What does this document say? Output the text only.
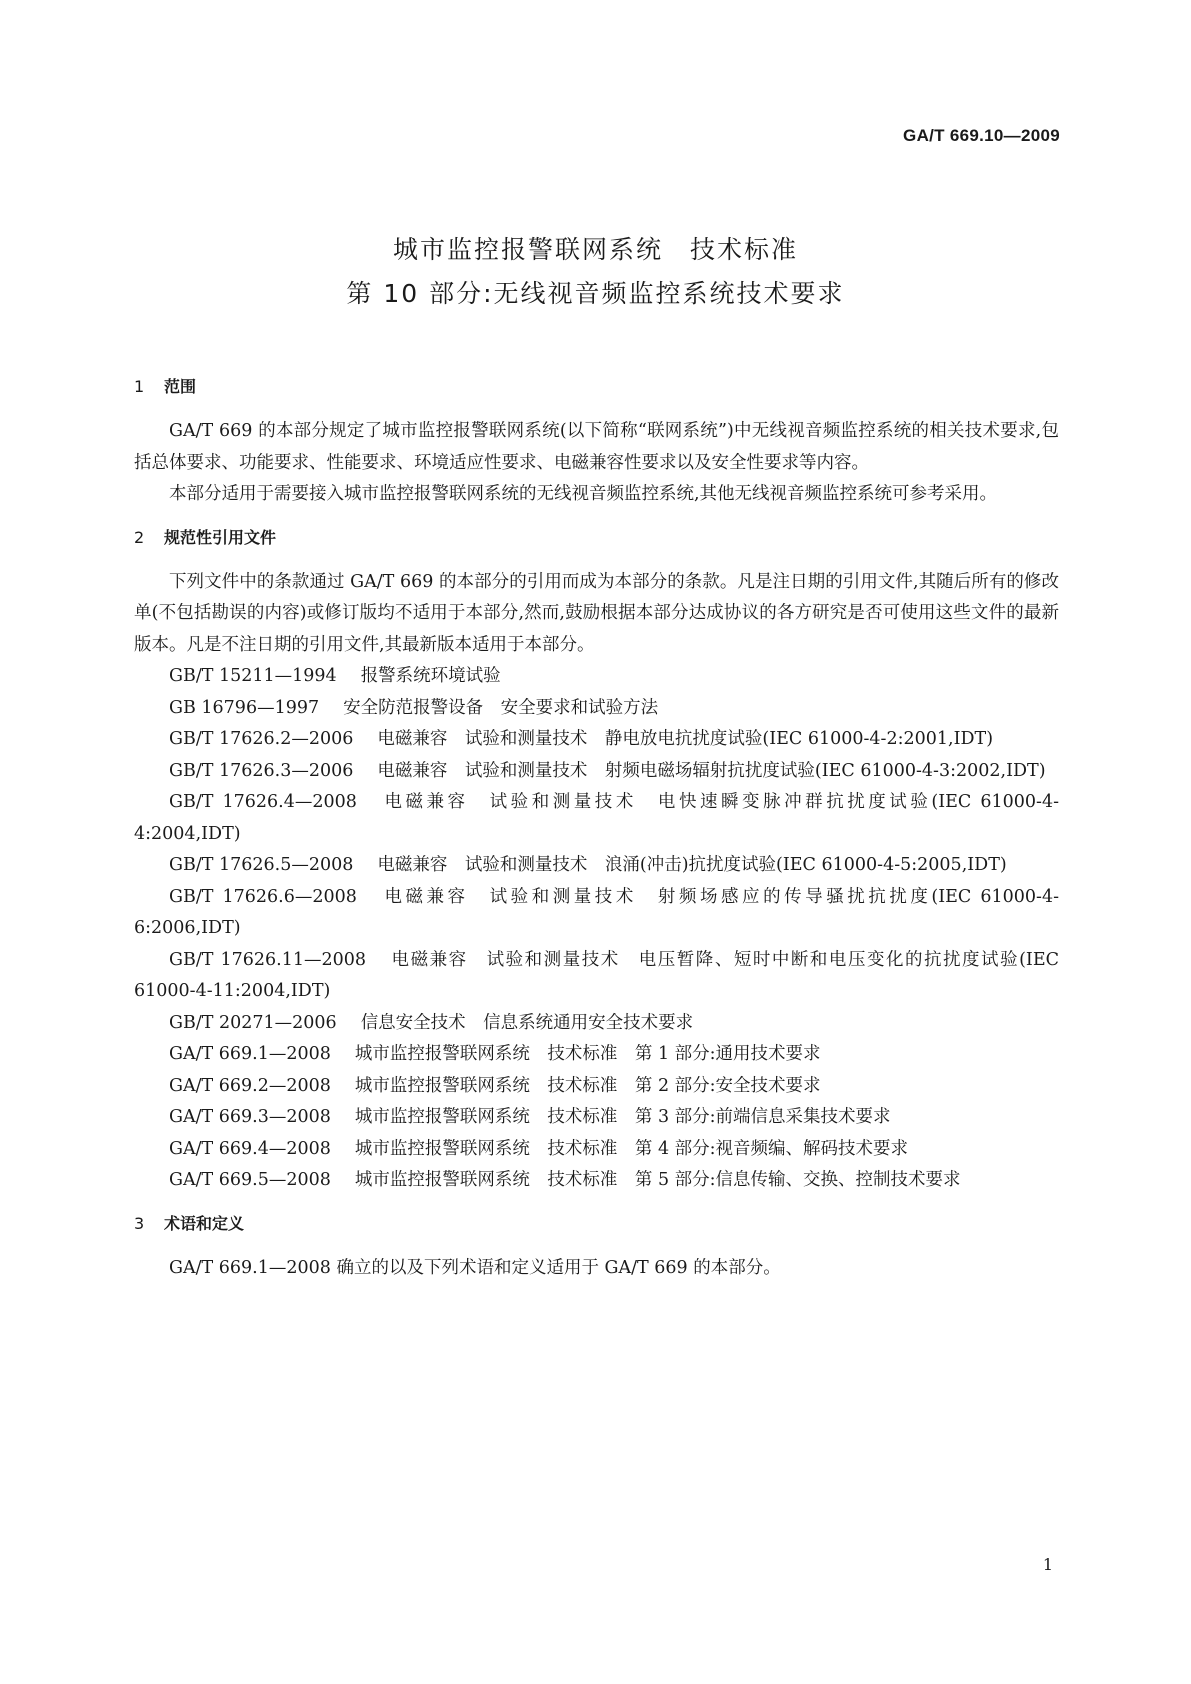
GA/T 669.10—2009
城市监控报警联网系统　技术标准
第 10 部分:无线视音频监控系统技术要求
1 范围

GA/T 669 的本部分规定了城市监控报警联网系统(以下简称“联网系统”)中无线视音频监控系统的相关技术要求,包括总体要求、功能要求、性能要求、环境适应性要求、电磁兼容性要求以及安全性要求等内容。

本部分适用于需要接入城市监控报警联网系统的无线视音频监控系统,其他无线视音频监控系统可参考采用。

2 规范性引用文件

下列文件中的条款通过 GA/T 669 的本部分的引用而成为本部分的条款。凡是注日期的引用文件,其随后所有的修改单(不包括勘误的内容)或修订版均不适用于本部分,然而,鼓励根据本部分达成协议的各方研究是否可使用这些文件的最新版本。凡是不注日期的引用文件,其最新版本适用于本部分。

GB/T 15211—1994 报警系统环境试验

GB 16796—1997 安全防范报警设备　安全要求和试验方法

GB/T 17626.2—2006 电磁兼容　试验和测量技术　静电放电抗扰度试验(IEC 61000-4-2:2001,IDT)

GB/T 17626.3—2006 电磁兼容　试验和测量技术　射频电磁场辐射抗扰度试验(IEC 61000-4-3:2002,IDT)

GB/T 17626.4—2008 电磁兼容　试验和测量技术　电快速瞬变脉冲群抗扰度试验(IEC 61000-4-4:2004,IDT)

GB/T 17626.5—2008 电磁兼容　试验和测量技术　浪涌(冲击)抗扰度试验(IEC 61000-4-5:2005,IDT)

GB/T 17626.6—2008 电磁兼容　试验和测量技术　射频场感应的传导骚扰抗扰度(IEC 61000-4-6:2006,IDT)

GB/T 17626.11—2008 电磁兼容　试验和测量技术　电压暂降、短时中断和电压变化的抗扰度试验(IEC 61000-4-11:2004,IDT)

GB/T 20271—2006 信息安全技术　信息系统通用安全技术要求

GA/T 669.1—2008 城市监控报警联网系统　技术标准　第 1 部分:通用技术要求

GA/T 669.2—2008 城市监控报警联网系统　技术标准　第 2 部分:安全技术要求

GA/T 669.3—2008 城市监控报警联网系统　技术标准　第 3 部分:前端信息采集技术要求

GA/T 669.4—2008 城市监控报警联网系统　技术标准　第 4 部分:视音频编、解码技术要求

GA/T 669.5—2008 城市监控报警联网系统　技术标准　第 5 部分:信息传输、交换、控制技术要求

3 术语和定义

GA/T 669.1—2008 确立的以及下列术语和定义适用于 GA/T 669 的本部分。

1
